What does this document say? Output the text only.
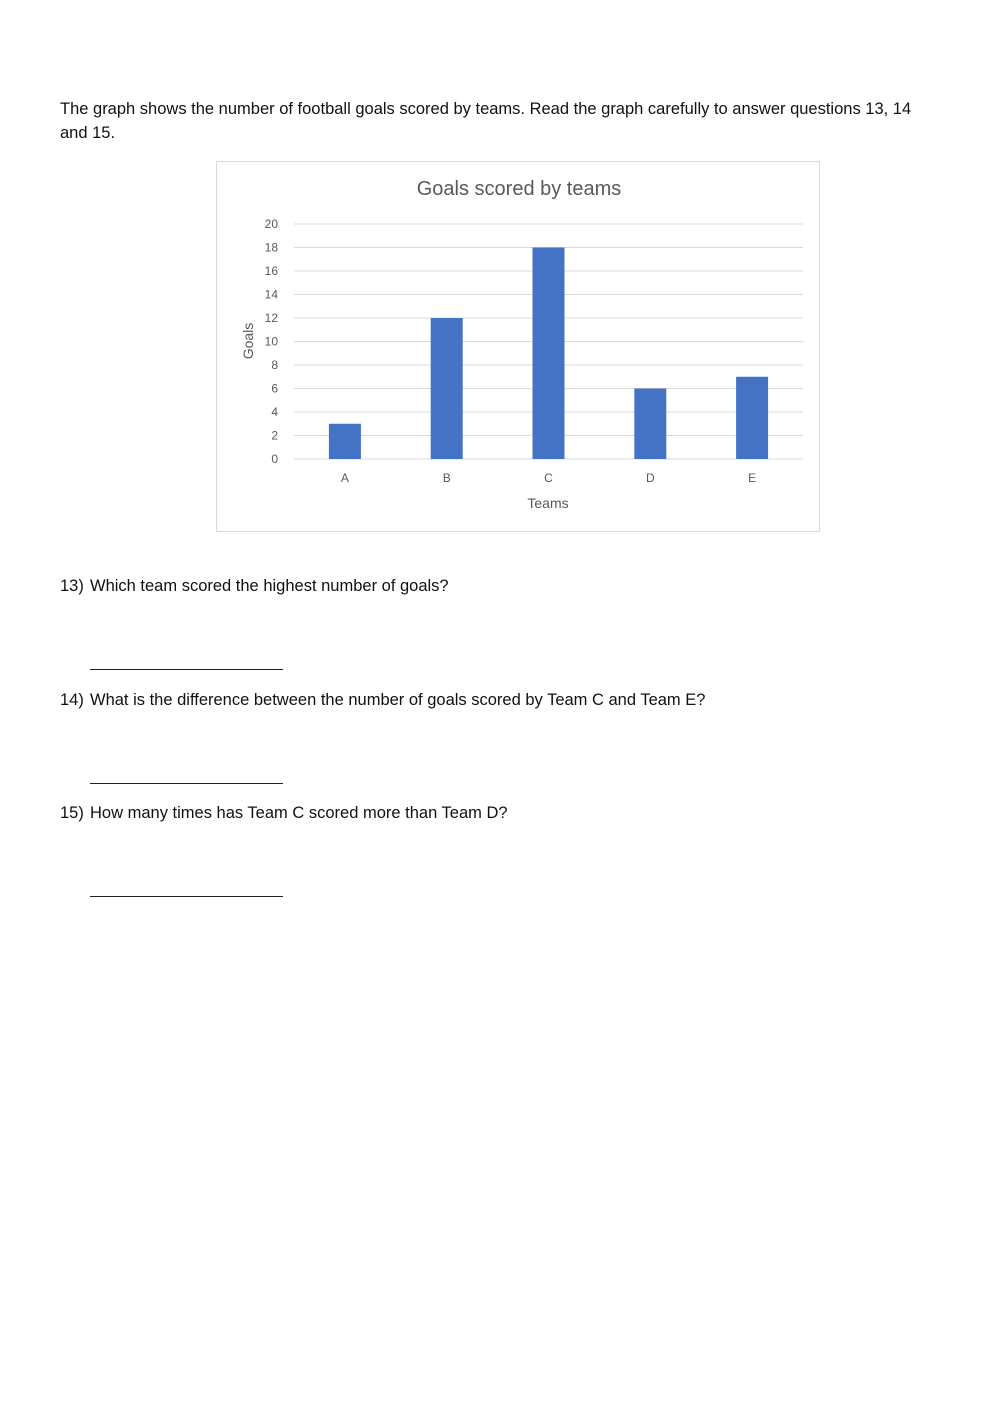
The graph shows the number of football goals scored by teams. Read the graph carefully to answer questions 13, 14 and 15.

Goals scored by teams
0
2
4
6
8
10
12
14
16
18
20
A	B	C	D	E
Goals
Teams

13) Which team scored the highest number of goals?

14) What is the difference between the number of goals scored by Team C and Team E?

15) How many times has Team C scored more than Team D?
